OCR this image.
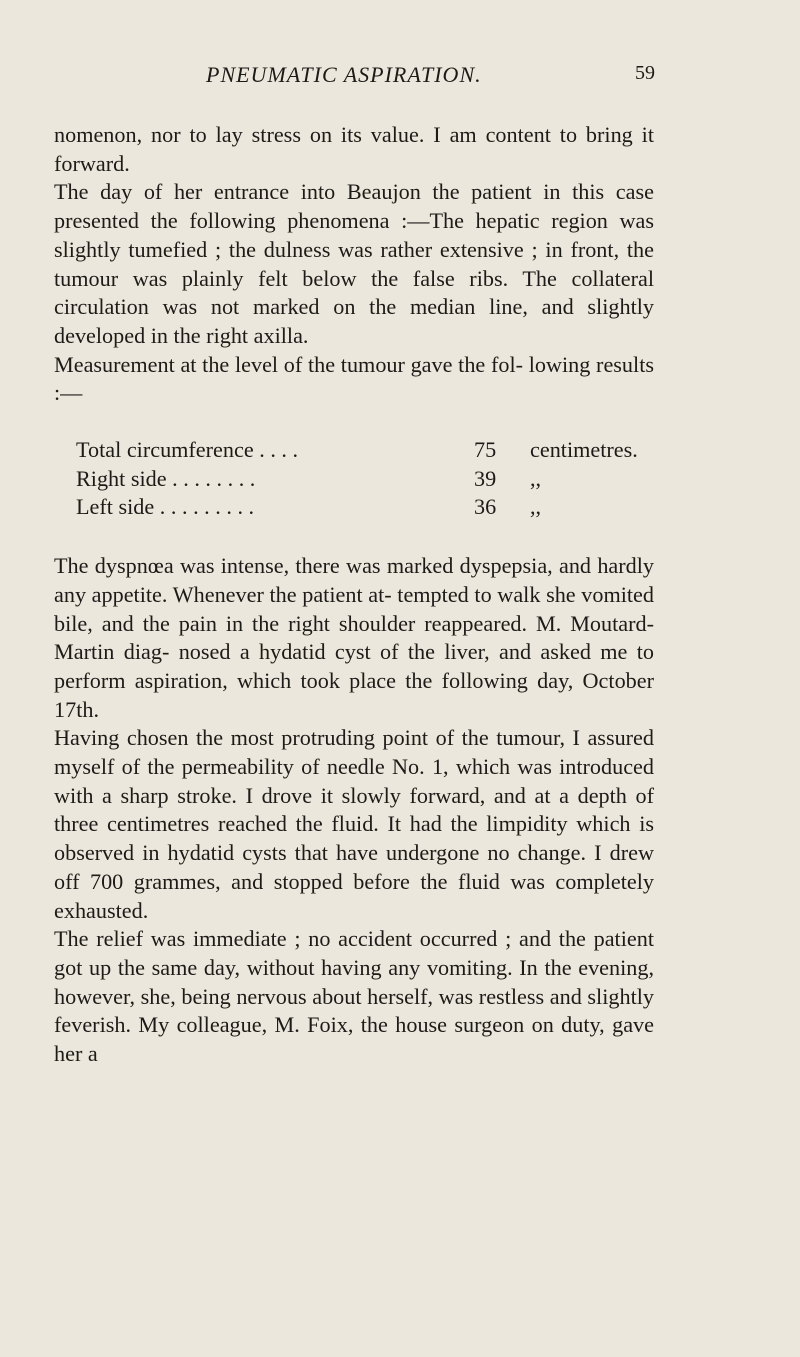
PNEUMATIC ASPIRATION.	59

nomenon, nor to lay stress on its value. I am content to bring it forward.

The day of her entrance into Beaujon the patient in this case presented the following phenomena :—The hepatic region was slightly tumefied ; the dulness was rather extensive ; in front, the tumour was plainly felt below the false ribs. The collateral circulation was not marked on the median line, and slightly developed in the right axilla.

Measurement at the level of the tumour gave the fol- lowing results :—

Total circumference . . . .	75 centimetres.
Right side . . . . . . . .	39 ,,
Left side . . . . . . . . .	36 ,,

The dyspnœa was intense, there was marked dyspepsia, and hardly any appetite. Whenever the patient at- tempted to walk she vomited bile, and the pain in the right shoulder reappeared. M. Moutard-Martin diag- nosed a hydatid cyst of the liver, and asked me to perform aspiration, which took place the following day, October 17th.

Having chosen the most protruding point of the tumour, I assured myself of the permeability of needle No. 1, which was introduced with a sharp stroke. I drove it slowly forward, and at a depth of three centimetres reached the fluid. It had the limpidity which is observed in hydatid cysts that have undergone no change. I drew off 700 grammes, and stopped before the fluid was completely exhausted.

The relief was immediate ; no accident occurred ; and the patient got up the same day, without having any vomiting. In the evening, however, she, being nervous about herself, was restless and slightly feverish. My colleague, M. Foix, the house surgeon on duty, gave her a
